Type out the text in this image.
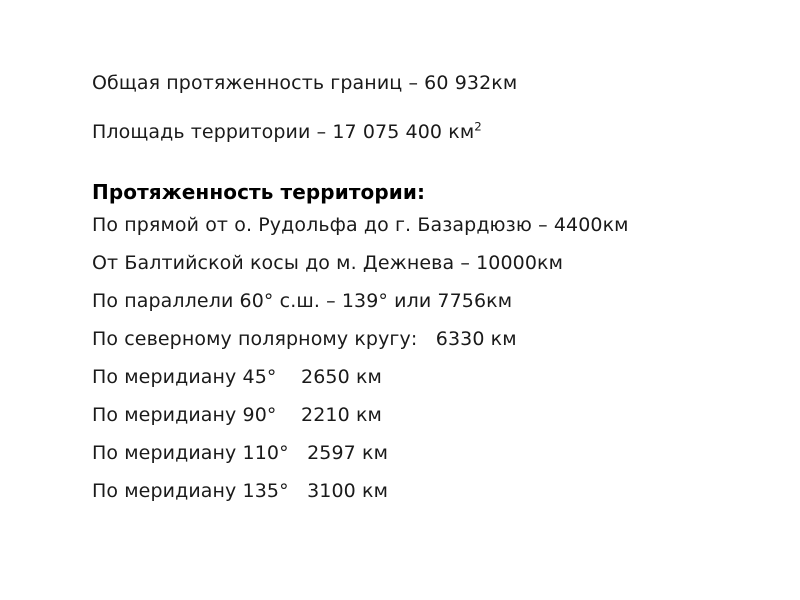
Общая протяженность границ – 60 932км
Площадь территории – 17 075 400 $км^2$
Протяженность территории:
По прямой от о. Рудольфа до г. Базардюзю – 4400км
От Балтийской косы до м. Дежнева – 10000км
По параллели 60° с.ш. – 139° или 7756км
По северному полярному кругу:   6330 км
По меридиану 45°    2650 км
По меридиану 90°    2210 км
По меридиану 110°   2597 км
По меридиану 135°   3100 км
